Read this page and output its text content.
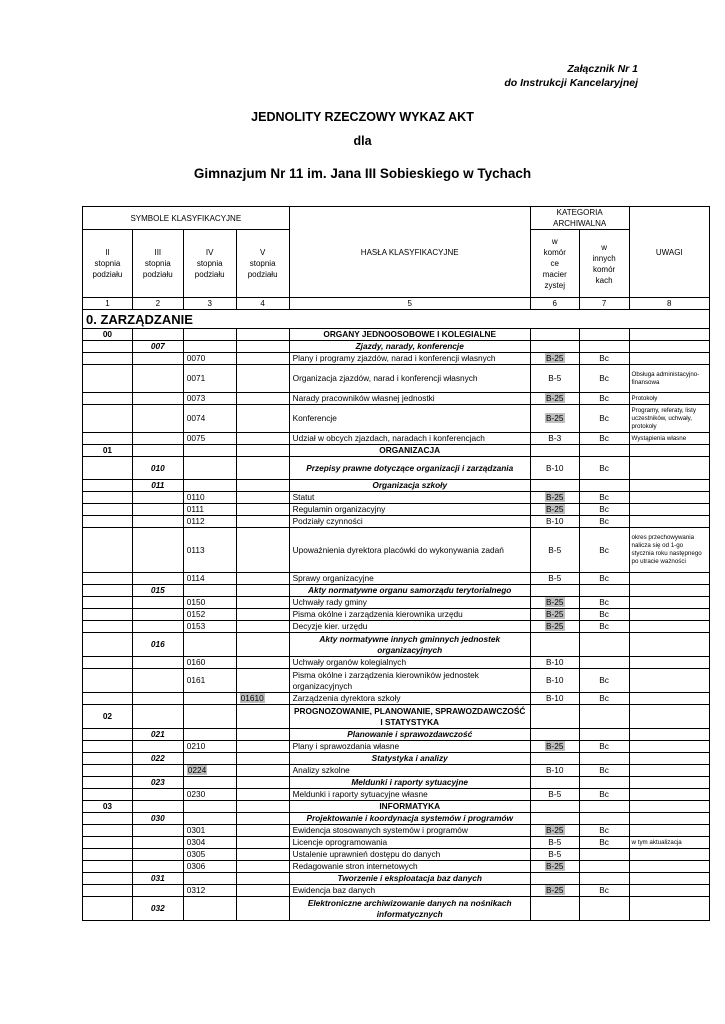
Załącznik Nr 1
do Instrukcji Kancelaryjnej
JEDNOLITY RZECZOWY WYKAZ AKT
dla
Gimnazjum Nr 11 im. Jana III Sobieskiego w Tychach
SYMBOLE KLASYFIKACYJNE				HASŁA KLASYFIKACYJNE	KATEGORIA ARCHIWALNA		UWAGI
II
stopnia
podziału	III
stopnia
podziału	IV
stopnia
podziału	V
stopnia
podziału		w
komór
ce
macier
zystej	w
innych
komór
kach	
1	2	3	4	5	6	7	8
0. ZARZĄDZANIE							
00				ORGANY JEDNOOSOBOWE I KOLEGIALNE			
	007			Zjazdy, narady, konferencje			
		0070		Plany i programy zjazdów, narad i konferencji własnych	B-25	Bc	
		0071		Organizacja zjazdów, narad i konferencji własnych	B-5	Bc	Obsługa administacyjno-finansowa
		0073		Narady pracowników własnej jednostki	B-25	Bc	Protokoły
		0074		Konferencje	B-25	Bc	Programy, referaty, listy uczestników, uchwały, protokoły
		0075		Udział w obcych zjazdach, naradach i konferencjach	B-3	Bc	Wystąpienia własne
01				ORGANIZACJA			
	010			Przepisy prawne dotyczące organizacji i zarządzania	B-10	Bc	
	011			Organizacja szkoły			
		0110		Statut	B-25	Bc	
		0111		Regulamin organizacyjny	B-25	Bc	
		0112		Podziały czynności	B-10	Bc	
		0113		Upoważnienia dyrektora placówki do wykonywania zadań	B-5	Bc	okres przechowywania nalicza się od 1-go stycznia roku następnego po utracie ważności
		0114		Sprawy organizacyjne	B-5	Bc	
	015			Akty normatywne organu samorządu terytorialnego			
		0150		Uchwały rady gminy	B-25	Bc	
		0152		Pisma okólne i zarządzenia kierownika urzędu	B-25	Bc	
		0153		Decyzje kier. urzędu	B-25	Bc	
	016			Akty normatywne innych gminnych jednostek organizacyjnych			
		0160		Uchwały organów kolegialnych	B-10		
		0161		Pisma okólne i zarządzenia kierowników jednostek organizacyjnych	B-10	Bc	
			01610	Zarządzenia dyrektora szkoły	B-10	Bc	
02				PROGNOZOWANIE, PLANOWANIE, SPRAWOZDAWCZOŚĆ I STATYSTYKA			
	021			Planowanie i sprawozdawczość			
		0210		Plany i sprawozdania własne	B-25	Bc	
	022			Statystyka i analizy			
		0224		Analizy szkolne	B-10	Bc	
	023			Meldunki i raporty sytuacyjne			
		0230		Meldunki i raporty sytuacyjne własne	B-5	Bc	
03				INFORMATYKA			
	030			Projektowanie i koordynacja systemów i programów			
		0301		Ewidencja stosowanych systemów i programów	B-25	Bc	
		0304		Licencje oprogramowania	B-5	Bc	w tym aktualizacja
		0305		Ustalenie uprawnień dostępu do danych	B-5		
		0306		Redagowanie stron internetowych	B-25		
	031			Tworzenie i eksploatacja baz danych			
		0312		Ewidencja baz danych	B-25	Bc	
	032			Elektroniczne archiwizowanie danych na nośnikach informatycznych			
